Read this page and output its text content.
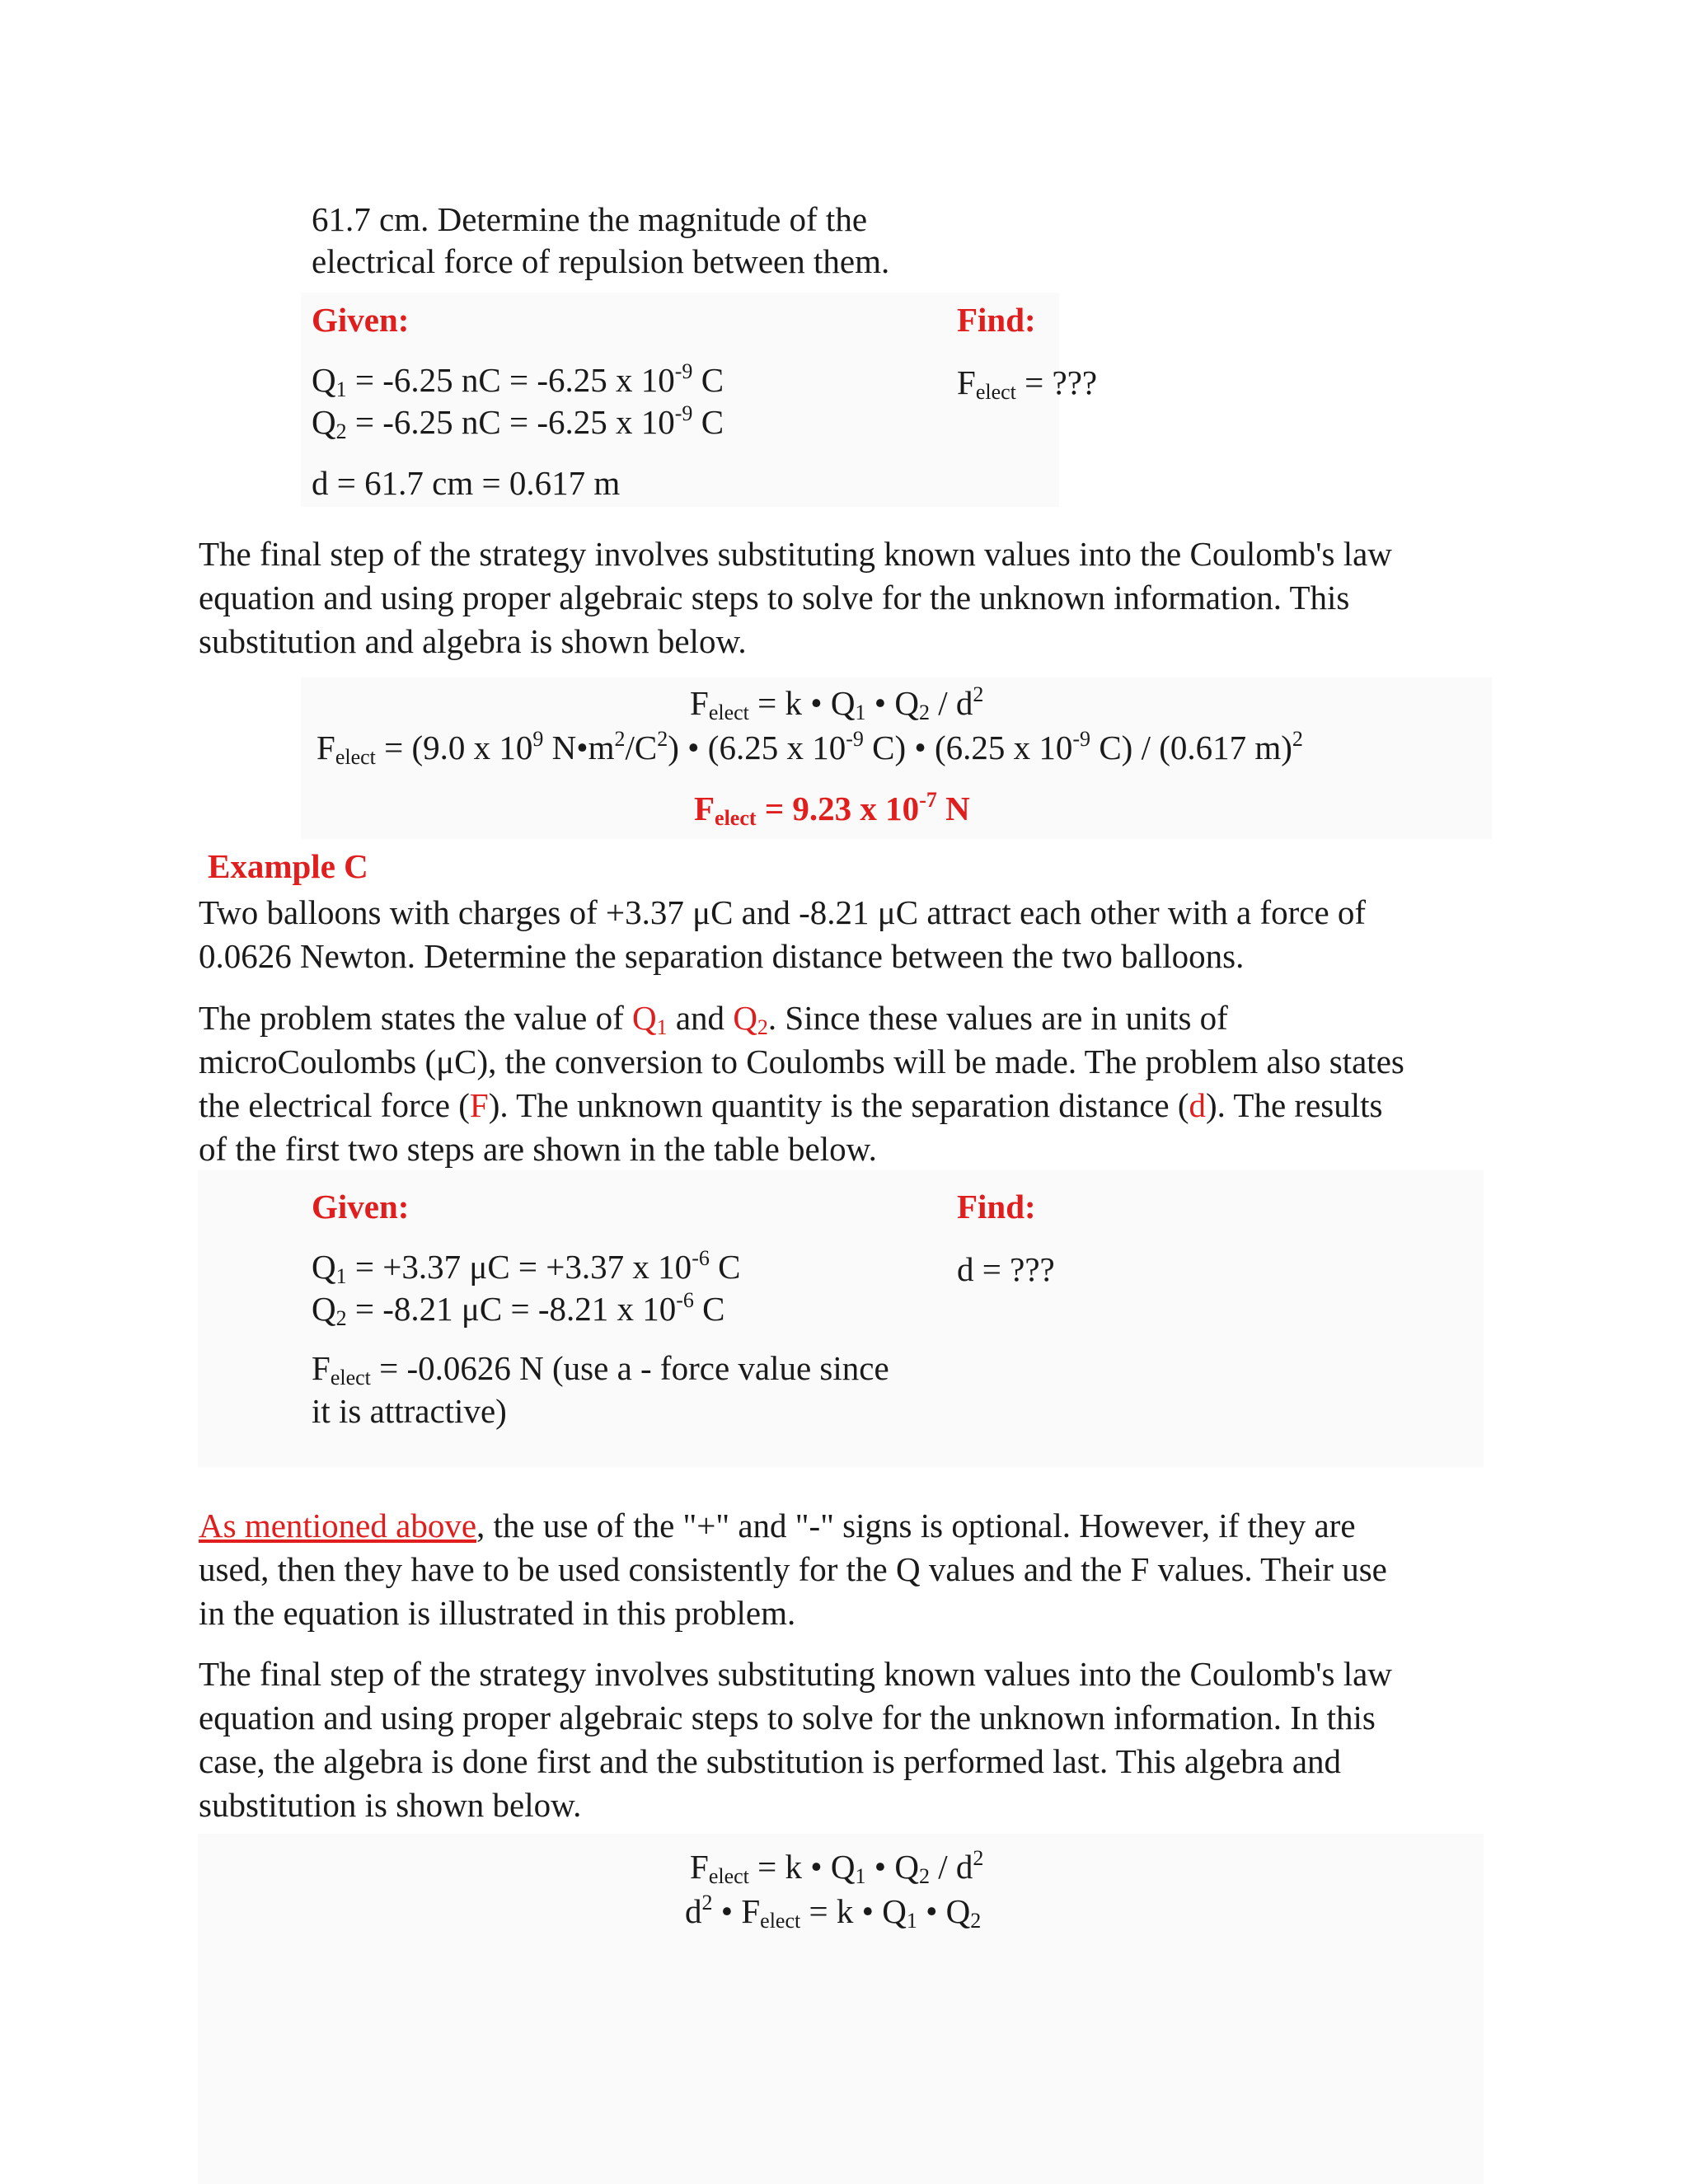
61.7 cm. Determine the magnitude of the
electrical force of repulsion between them.
Given:	Find:
$Q_1 = -6.25$ nC = -6.25 x $10^{-9}$ C
$Q_2 = -6.25$ nC = -6.25 x $10^{-9}$ C
d = 61.7 cm = 0.617 m
$F_{elect}$ = ???
The final step of the strategy involves substituting known values into the Coulomb's law
equation and using proper algebraic steps to solve for the unknown information. This
substitution and algebra is shown below.
$F_{elect} = k$ • $Q_1$ • $Q_2 / d^2$
$F_{elect} = (9.0$ x $10^9$ $N•m^2/C^2$) • (6.25 x $10^{-9}$ C) • (6.25 x $10^{-9}$ C) / (0.617 m)$^2$
$F_{elect} = 9.23$ x $10^{-7}$ N
Example C
Two balloons with charges of +3.37 μC and -8.21 μC attract each other with a force of
0.0626 Newton. Determine the separation distance between the two balloons.
The problem states the value of $Q_1$ and $Q_2$. Since these values are in units of
microCoulombs (μC), the conversion to Coulombs will be made. The problem also states
the electrical force (F). The unknown quantity is the separation distance (d). The results
of the first two steps are shown in the table below.
Given:	Find:
$Q_1 = +3.37$ μC = +3.37 x $10^{-6}$ C
$Q_2 = -8.21$ μC = -8.21 x $10^{-6}$ C
$F_{elect} = -0.0626$ N (use a - force value since
it is attractive)
d = ???
As mentioned above, the use of the "+" and "-" signs is optional. However, if they are
used, then they have to be used consistently for the Q values and the F values. Their use
in the equation is illustrated in this problem.
The final step of the strategy involves substituting known values into the Coulomb's law
equation and using proper algebraic steps to solve for the unknown information. In this
case, the algebra is done first and the substitution is performed last. This algebra and
substitution is shown below.
$F_{elect} = k$ • $Q_1$ • $Q_2 / d^2$
$d^2$ • $F_{elect} = k$ • $Q_1$ • $Q_2$
